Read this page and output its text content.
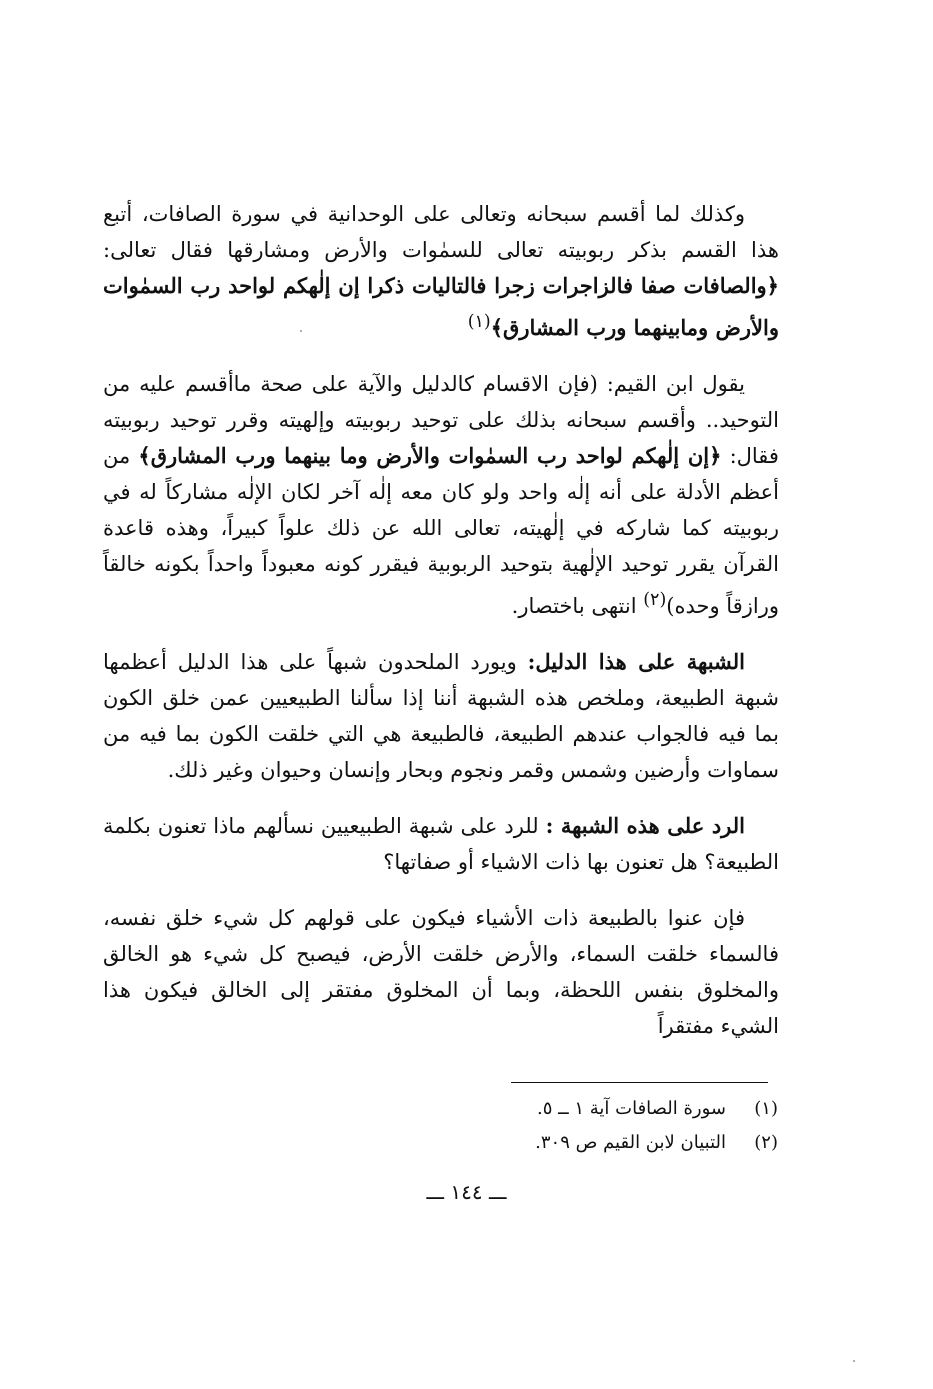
وكذلك لما أقسم سبحانه وتعالى على الوحدانية في سورة الصافات، أتبع هذا القسم بذكر ربوبيته تعالى للسمٰوات والأرض ومشارقها فقال تعالى: ﴿والصافات صفا فالزاجرات زجرا فالتاليات ذكرا إن إلٰهكم لواحد رب السمٰوات والأرض ومابينهما ورب المشارق﴾$^{(١)}$

يقول ابن القيم: (فإن الاقسام كالدليل والآية على صحة ماأقسم عليه من التوحيد.. وأقسم سبحانه بذلك على توحيد ربوبيته وإلهيته وقرر توحيد ربوبيته فقال: ﴿إن إلٰهكم لواحد رب السمٰوات والأرض وما بينهما ورب المشارق﴾ من أعظم الأدلة على أنه إلٰه واحد ولو كان معه إلٰه آخر لكان الإلٰه مشاركاً له في ربوبيته كما شاركه في إلٰهيته، تعالى الله عن ذلك علواً كبيراً، وهذه قاعدة القرآن يقرر توحيد الإلٰهية بتوحيد الربوبية فيقرر كونه معبوداً واحداً بكونه خالقاً ورازقاً وحده)$^{(٢)}$ انتهى باختصار.

الشبهة على هذا الدليل: ويورد الملحدون شبهاً على هذا الدليل أعظمها شبهة الطبيعة، وملخص هذه الشبهة أننا إذا سألنا الطبيعيين عمن خلق الكون بما فيه فالجواب عندهم الطبيعة، فالطبيعة هي التي خلقت الكون بما فيه من سماوات وأرضين وشمس وقمر ونجوم وبحار وإنسان وحيوان وغير ذلك.

الرد على هذه الشبهة : للرد على شبهة الطبيعيين نسألهم ماذا تعنون بكلمة الطبيعة؟ هل تعنون بها ذات الاشياء أو صفاتها؟

فإن عنوا بالطبيعة ذات الأشياء فيكون على قولهم كل شيء خلق نفسه، فالسماء خلقت السماء، والأرض خلقت الأرض، فيصبح كل شيء هو الخالق والمخلوق بنفس اللحظة، وبما أن المخلوق مفتقر إلى الخالق فيكون هذا الشيء مفتقراً

(١)سورة الصافات آية ١ ــ ٥.
(٢)التبيان لابن القيم ص ٣٠٩.
ـــ ١٤٤ ـــ
